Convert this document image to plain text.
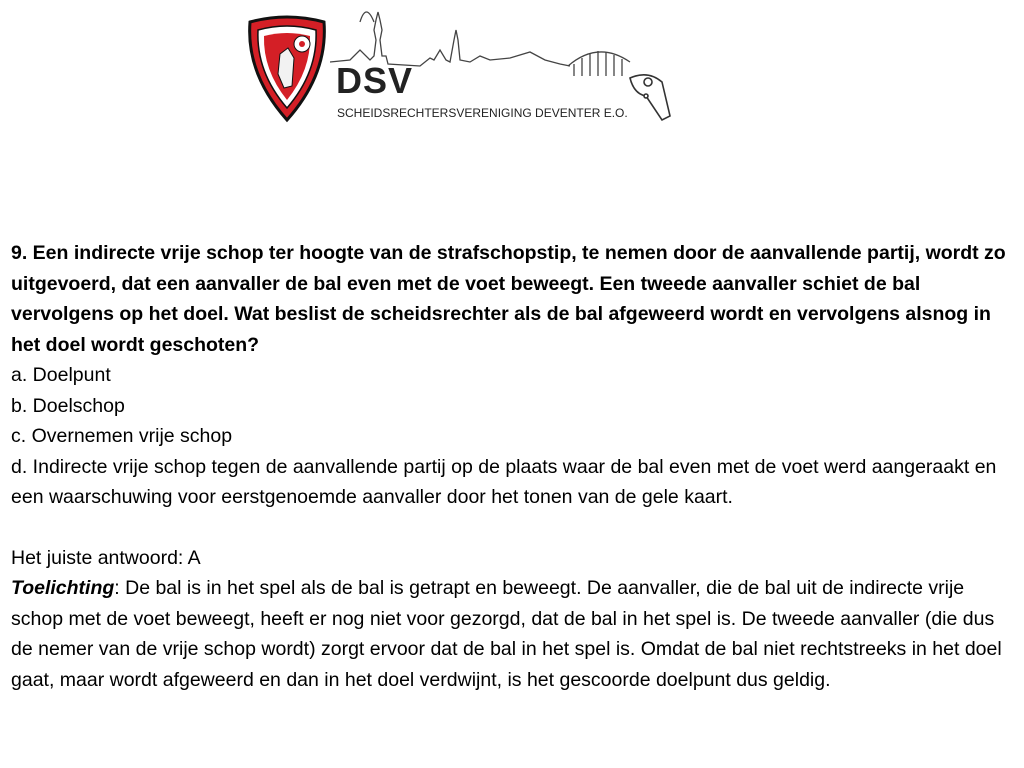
DSV
SCHEIDSRECHTERSVERENIGING DEVENTER E.O.

9. Een indirecte vrije schop ter hoogte van de strafschopstip, te nemen door de aanvallende partij, wordt zo uitgevoerd, dat een aanvaller de bal even met de voet beweegt. Een tweede aanvaller schiet de bal vervolgens op het doel. Wat beslist de scheidsrechter als de bal afgeweerd wordt en vervolgens alsnog in het doel wordt geschoten?

a. Doelpunt

b. Doelschop

c. Overnemen vrije schop

d. Indirecte vrije schop tegen de aanvallende partij op de plaats waar de bal even met de voet werd aangeraakt en een waarschuwing voor eerstgenoemde aanvaller door het tonen van de gele kaart.

Het juiste antwoord: A

Toelichting: De bal is in het spel als de bal is getrapt en beweegt. De aanvaller, die de bal uit de indirecte vrije schop met de voet beweegt, heeft er nog niet voor gezorgd, dat de bal in het spel is. De tweede aanvaller (die dus de nemer van de vrije schop wordt) zorgt ervoor dat de bal in het spel is. Omdat de bal niet rechtstreeks in het doel gaat, maar wordt afgeweerd en dan in het doel verdwijnt, is het gescoorde doelpunt dus geldig.
